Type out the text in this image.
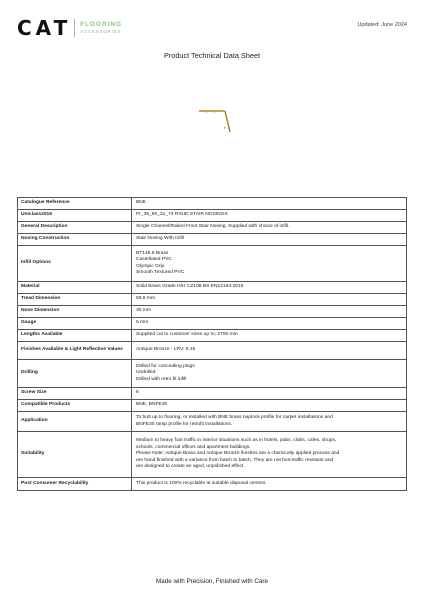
CAT FLOORING
ACCESSORIES
Updated: June 2024
Product Technical Data Sheet
Catalogue Reference	BN6

Uniclass2015	Pr_35_90_31_74 RIGID STAIR NOSINGS

General Description	Single Channel/Raked Front Stair Nosing. Supplied with choice of infill.

Nosing Construction	Stair Nosing With Infill

Infill Options	BT149.5 Brass
Castellated PVC
Olympic Grip
Smooth Textured PVC

Material	Solid Brass Grade H/H CZ108 BS EN12164:2016

Tread Dimension	59.5 mm

Nose Dimension	30 mm

Gauge	5 mm

Lengths Available	Supplied cut to customer sizes up to; 2700 mm

Finishes Available & Light Reflective Values	Antique Bronze - LRV: 9.15

Drilling	Drilled for concealing plugs
Undrilled
Drilled with retro fit infill

Screw Size	8

Compatible Products	BNE, BNFE30

Application	To butt up to flooring, or installed with BNE brass naplock profile for carpet installations and
BNFE30 ramp profile for retrofit installations.

Suitability	Medium to heavy foot traffic in interior situations such as in hotels, pubs, clubs, cafes, shops,
schools, commercial offices and apartment buildings.
Please Note: Antique Brass and Antique Bronze finishes are a chemically applied process and
are hand finished with a variance from batch to batch. They are not foot-traffic resistant and
are designed to create an aged, unpolished effect.

Post Consumer Recyclability	This product is 100% recyclable at suitable disposal centres.
Made with Precision, Finished with Care
